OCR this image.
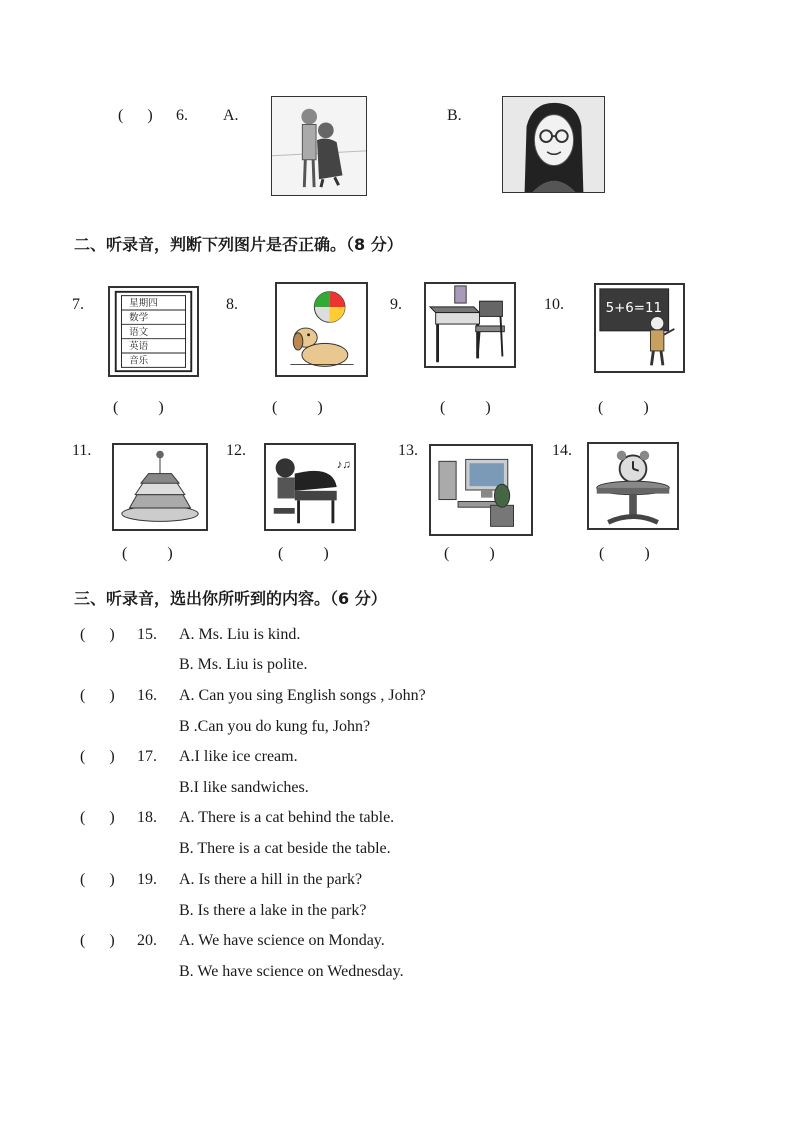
(      ) 6. A.	B.
二、听录音，判断下列图片是否正确。（8 分）
7.	星期四
数学
语文
英语
音乐
(          )
8.
(          )
9.
(          )
10.	5+6=11
(          )
11.
(          )
12.
♪♫
(          )
13.
(          )
14.
(          )
三、听录音，选出你所听到的内容。（6 分）
(      ) 15. A. Ms. Liu is kind.
B. Ms. Liu is polite.
(      ) 16. A. Can you sing English songs , John?
B .Can you do kung fu, John?
(      ) 17. A.I like ice cream.
B.I like sandwiches.
(      ) 18. A. There is a cat behind the table.
B. There is a cat beside the table.
(      ) 19. A. Is there a hill in the park?
B. Is there a lake in the park?
(      ) 20. A. We have science on Monday.
B. We have science on Wednesday.
